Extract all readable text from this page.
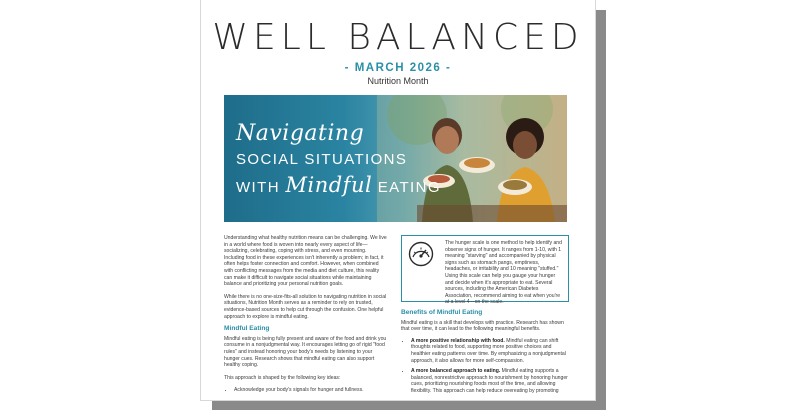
WELL BALANCED
- MARCH 2026 -
Nutrition Month
Navigating
SOCIAL SITUATIONS
WITH Mindful EATING

Understanding what healthy nutrition means can be challenging. We live in a world where food is woven into nearly every aspect of life—socializing, celebrating, coping with stress, and even mourning. Including food in these experiences isn't inherently a problem; in fact, it often helps foster connection and comfort. However, when combined with conflicting messages from the media and diet culture, this reality can make it difficult to navigate social situations while maintaining balance and prioritizing your personal nutrition goals.

While there is no one-size-fits-all solution to navigating nutrition in social situations, Nutrition Month serves as a reminder to rely on trusted, evidence-based sources to help cut through the confusion. One helpful approach to explore is mindful eating.

Mindful Eating

Mindful eating is being fully present and aware of the food and drink you consume in a nonjudgmental way. It encourages letting go of rigid "food rules" and instead honoring your body's needs by listening to your hunger cues. Research shows that mindful eating can also support healthy coping.

This approach is shaped by the following key ideas:

• Acknowledge your body's signals for hunger and fullness.
The hunger scale is one method to help identify and observe signs of hunger. It ranges from 1-10, with 1 meaning "starving" and accompanied by physical signs such as stomach pangs, emptiness, headaches, or irritability and 10 meaning "stuffed." Using this scale can help you gauge your hunger and decide when it's appropriate to eat. Several sources, including the American Diabetes Association, recommend aiming to eat when you're at a level 4—on the scale.
Benefits of Mindful Eating

Mindful eating is a skill that develops with practice. Research has shown that over time, it can lead to the following meaningful benefits.

• A more positive relationship with food. Mindful eating can shift thoughts related to food, supporting more positive choices and healthier eating patterns over time. By emphasizing a nonjudgmental approach, it also allows for more self-compassion.
• A more balanced approach to eating. Mindful eating supports a balanced, nonrestrictive approach to nourishment by honoring hunger cues, prioritizing nourishing foods most of the time, and allowing flexibility. This approach can help reduce overeating by promoting
